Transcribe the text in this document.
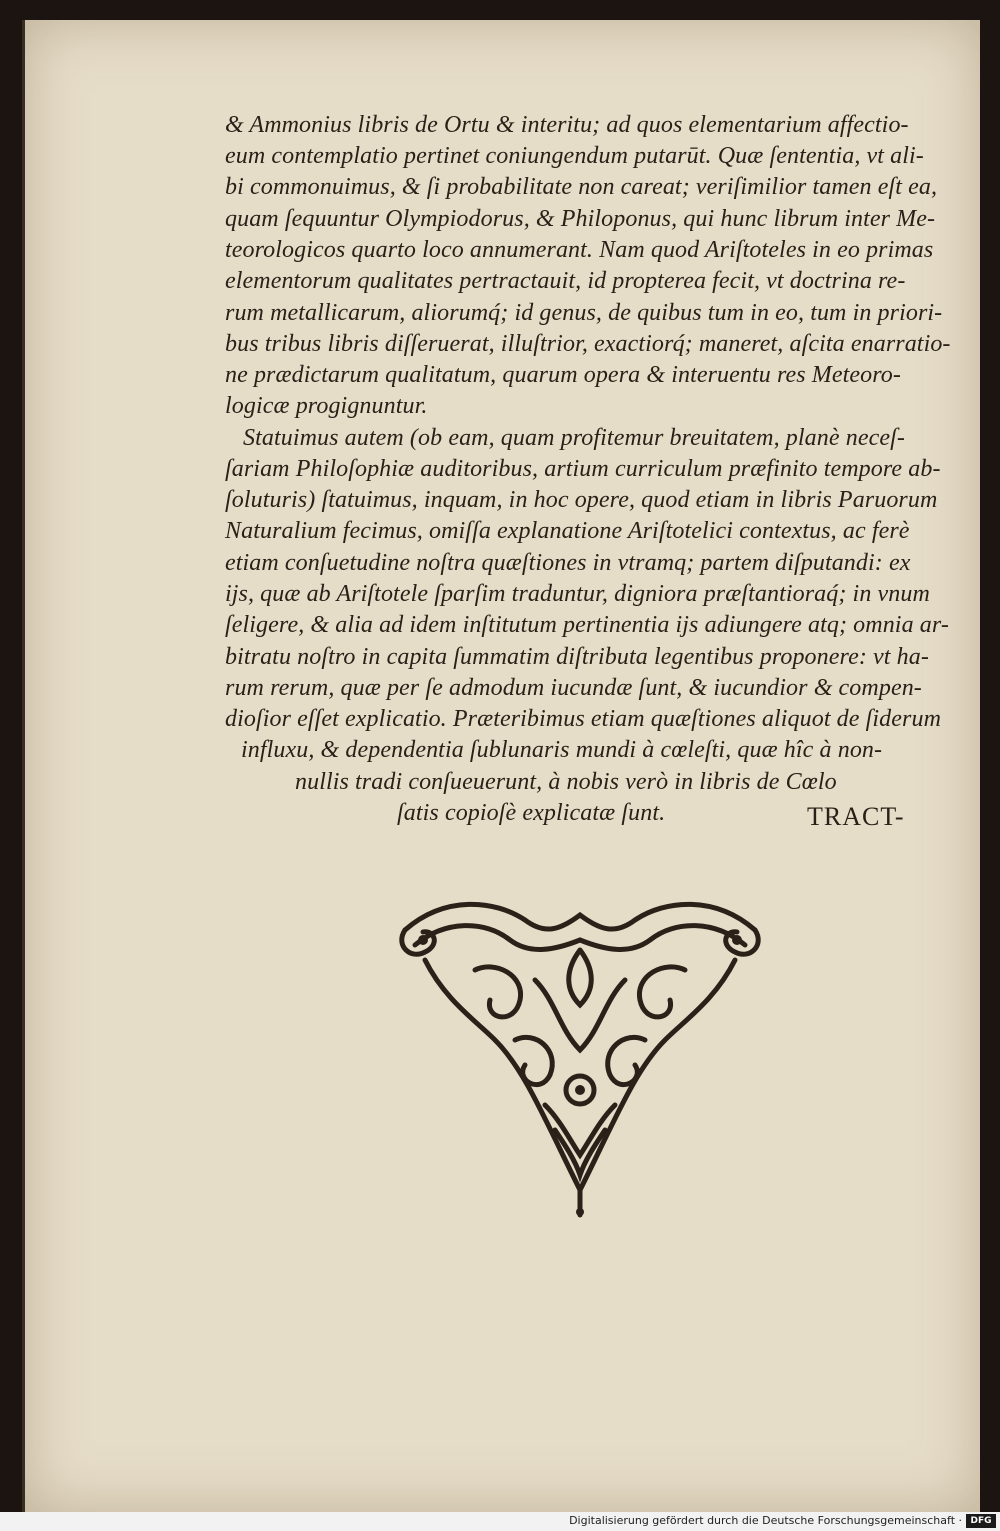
& Ammonius libris de Ortu & interitu; ad quos elementarium affectio-
eum contemplatio pertinet coniungendum putarūt. Quæ ſententia, vt ali-
bi commonuimus, & ſi probabilitate non careat; veriſimilior tamen eſt ea,
quam ſequuntur Olympiodorus, & Philoponus, qui hunc librum inter Me-
teorologicos quarto loco annumerant. Nam quod Ariſtoteles in eo primas
elementorum qualitates pertractauit, id propterea fecit, vt doctrina re-
rum metallicarum, aliorumq́; id genus, de quibus tum in eo, tum in priori-
bus tribus libris diſſeruerat, illuſtrior, exactiorq́; maneret, aſcita enarratio-
ne prædictarum qualitatum, quarum opera & interuentu res Meteoro-
logicæ progignuntur.
Statuimus autem (ob eam, quam profitemur breuitatem, planè neceſ-
ſariam Philoſophiæ auditoribus, artium curriculum præfinito tempore ab-
ſoluturis) ſtatuimus, inquam, in hoc opere, quod etiam in libris Paruorum
Naturalium fecimus, omiſſa explanatione Ariſtotelici contextus, ac ferè
etiam conſuetudine noſtra quæſtiones in vtramq; partem diſputandi: ex
ijs, quæ ab Ariſtotele ſparſim traduntur, digniora præſtantioraq́; in vnum
ſeligere, & alia ad idem inſtitutum pertinentia ijs adiungere atq; omnia ar-
bitratu noſtro in capita ſummatim diſtributa legentibus proponere: vt ha-
rum rerum, quæ per ſe admodum iucundæ ſunt, & iucundior & compen-
dioſior eſſet explicatio. Præteribimus etiam quæſtiones aliquot de ſiderum
influxu, & dependentia ſublunaris mundi à cœleſti, quæ hîc à non-
nullis tradi conſueuerunt, à nobis verò in libris de Cœlo
ſatis copioſè explicatæ ſunt.	TRACT-
Digitalisierung gefördert durch die Deutsche Forschungsgemeinschaft · DFG
